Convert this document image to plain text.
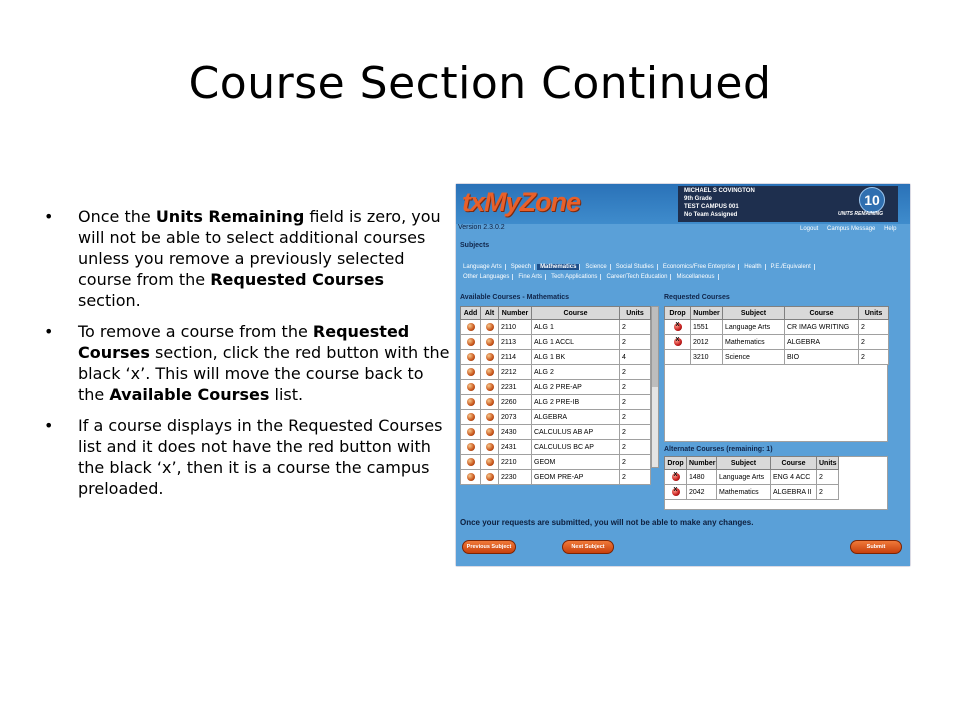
Course Section Continued
• Once the Units Remaining field is zero, you will not be able to select additional courses unless you remove a previously selected course from the Requested Courses section.
• To remove a course from the Requested Courses section, click the red button with the black ‘x’. This will move the course back to the Available Courses list.
• If a course displays in the Requested Courses list and it does not have the red button with the black ‘x’, then it is a course the campus preloaded.
txMyZone
Version 2.3.0.2
MICHAEL S COVINGTON
9th Grade
TEST CAMPUS 001
No Team Assigned
10
UNITS REMAINING
Logout Campus Message Help
Subjects
Language Arts Speech Mathematics Science Social Studies Economics/Free Enterprise Health P.E./Equivalent
Other Languages Fine Arts Tech Applications Career/Tech Education Miscellaneous
Available Courses - Mathematics
Add	Alt	Number	Course	Units
		2110	ALG 1	2
		2113	ALG 1 ACCL	2
		2114	ALG 1 BK	4
		2212	ALG 2	2
		2231	ALG 2 PRE-AP	2
		2260	ALG 2 PRE-IB	2
		2073	ALGEBRA	2
		2430	CALCULUS AB AP	2
		2431	CALCULUS BC AP	2
		2210	GEOM	2
		2230	GEOM PRE-AP	2
Requested Courses
Drop	Number	Subject	Course	Units
x	1551	Language Arts	CR IMAG WRITING	2
x	2012	Mathematics	ALGEBRA	2
	3210	Science	BIO	2
Alternate Courses (remaining: 1)
Drop	Number	Subject	Course	Units
x	1480	Language Arts	ENG 4 ACC	2
x	2042	Mathematics	ALGEBRA II	2
Once your requests are submitted, you will not be able to make any changes.
Previous Subject	Next Subject	Submit
